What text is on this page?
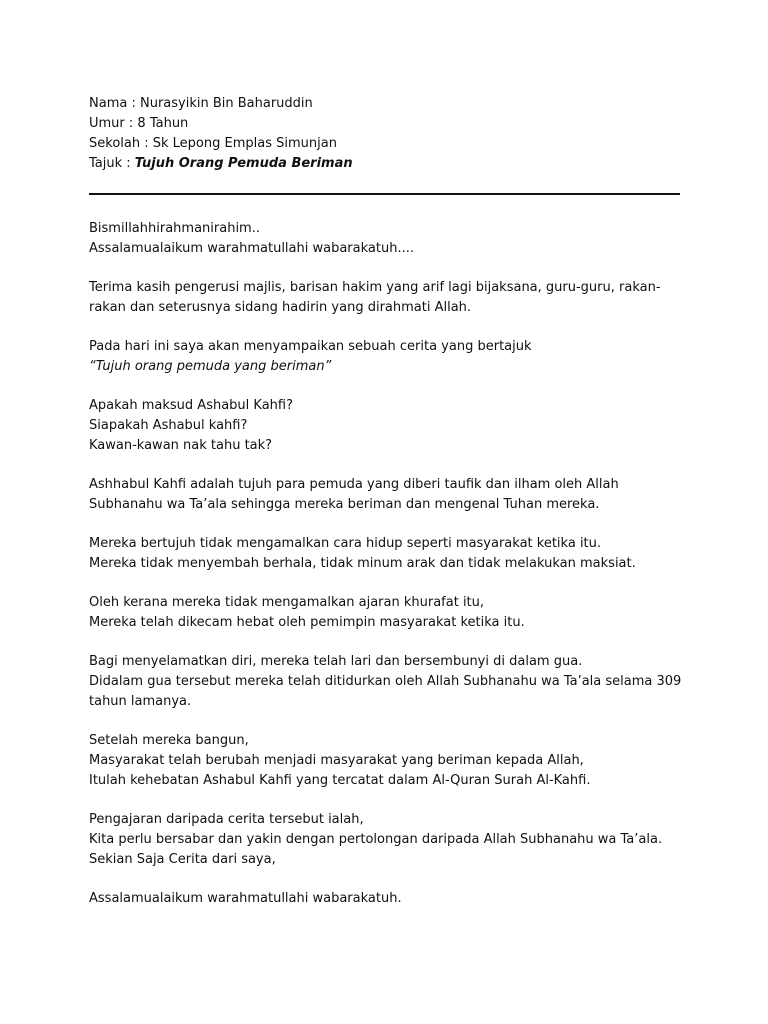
Nama : Nurasyikin Bin Baharuddin
Umur : 8 Tahun
Sekolah : Sk Lepong Emplas Simunjan
Tajuk : Tujuh Orang Pemuda Beriman

Bismillahhirahmanirahim..
Assalamualaikum warahmatullahi wabarakatuh....

Terima kasih pengerusi majlis, barisan hakim yang arif lagi bijaksana, guru-guru, rakan-
rakan dan seterusnya sidang hadirin yang dirahmati Allah.

Pada hari ini saya akan menyampaikan sebuah cerita yang bertajuk
“Tujuh orang pemuda yang beriman”

Apakah maksud Ashabul Kahfi?
Siapakah Ashabul kahfi?
Kawan-kawan nak tahu tak?

Ashhabul Kahfi adalah tujuh para pemuda yang diberi taufik dan ilham oleh Allah
Subhanahu wa Ta’ala sehingga mereka beriman dan mengenal Tuhan mereka.

Mereka bertujuh tidak mengamalkan cara hidup seperti masyarakat ketika itu.
Mereka tidak menyembah berhala, tidak minum arak dan tidak melakukan maksiat.

Oleh kerana mereka tidak mengamalkan ajaran khurafat itu,
Mereka telah dikecam hebat oleh pemimpin masyarakat ketika itu.

Bagi menyelamatkan diri, mereka telah lari dan bersembunyi di dalam gua.
Didalam gua tersebut mereka telah ditidurkan oleh Allah Subhanahu wa Ta’ala selama 309
tahun lamanya.

Setelah mereka bangun,
Masyarakat telah berubah menjadi masyarakat yang beriman kepada Allah,
Itulah kehebatan Ashabul Kahfi yang tercatat dalam Al-Quran Surah Al-Kahfi.

Pengajaran daripada cerita tersebut ialah,
Kita perlu bersabar dan yakin dengan pertolongan daripada Allah Subhanahu wa Ta’ala.
Sekian Saja Cerita dari saya,

Assalamualaikum warahmatullahi wabarakatuh.
